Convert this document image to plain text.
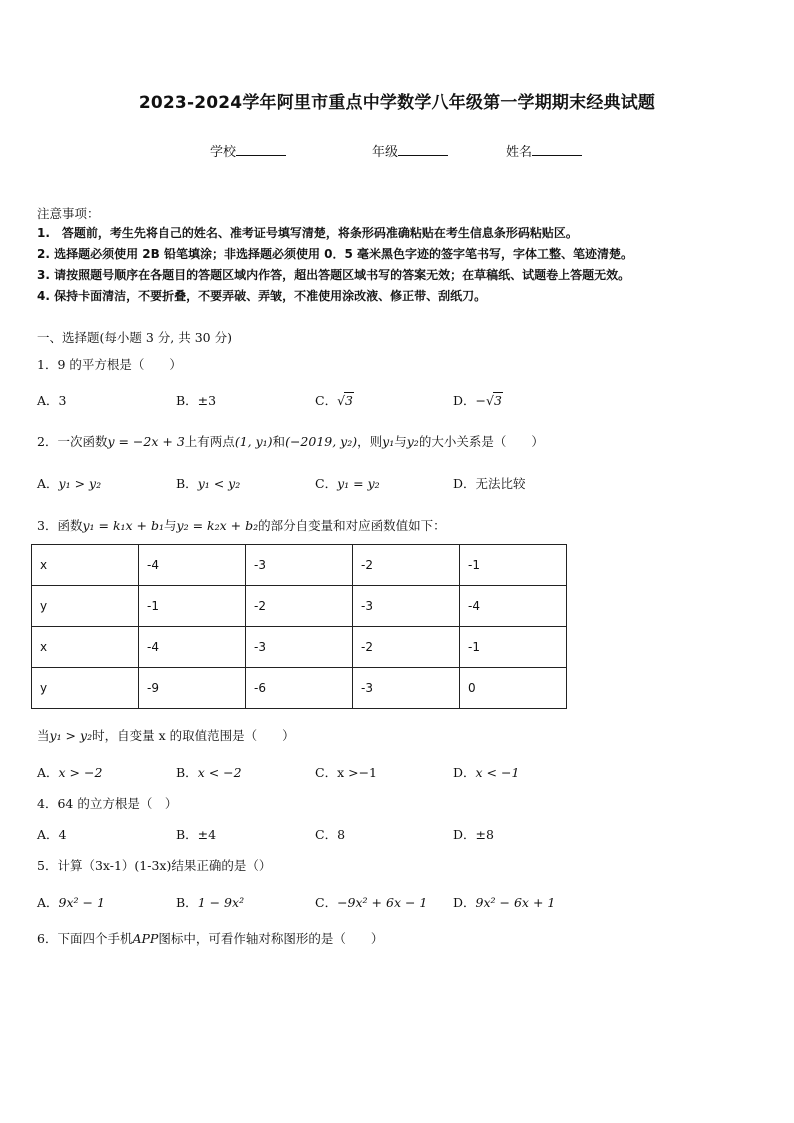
2023-2024学年阿里市重点中学数学八年级第一学期期末经典试题
学校	年级	姓名
注意事项：
1.　答题前，考生先将自己的姓名、准考证号填写清楚，将条形码准确粘贴在考生信息条形码粘贴区。
2. 选择题必须使用 2B 铅笔填涂；非选择题必须使用 0．5 毫米黑色字迹的签字笔书写，字体工整、笔迹清楚。
3. 请按照题号顺序在各题目的答题区域内作答，超出答题区域书写的答案无效；在草稿纸、试题卷上答题无效。
4. 保持卡面清洁，不要折叠，不要弄破、弄皱，不准使用涂改液、修正带、刮纸刀。
一、选择题(每小题 3 分, 共 30 分)
1．9 的平方根是（　　）
A．3	B．±3	C．√3	D．−√3
2．一次函数y = −2x + 3上有两点(1, y₁)和(−2019, y₂)，则y₁与y₂的大小关系是（　　）
A．y₁ > y₂	B．y₁ < y₂	C．y₁ = y₂	D．无法比较
3．函数y₁ = k₁x + b₁与y₂ = k₂x + b₂的部分自变量和对应函数值如下：
x	-4	-3	-2	-1
y	-1	-2	-3	-4
x	-4	-3	-2	-1
y	-9	-6	-3	0
当y₁ > y₂时，自变量 x 的取值范围是（　　）
A．x > −2	B．x < −2	C．x >−1	D．x < −1
4．64 的立方根是（　）
A．4	B．±4	C．8	D．±8
5．计算（3x-1）(1-3x)结果正确的是（）
A．9x² − 1	B．1 − 9x²	C．−9x² + 6x − 1 D．9x² − 6x + 1
6．下面四个手机APP图标中，可看作轴对称图形的是（　　）
